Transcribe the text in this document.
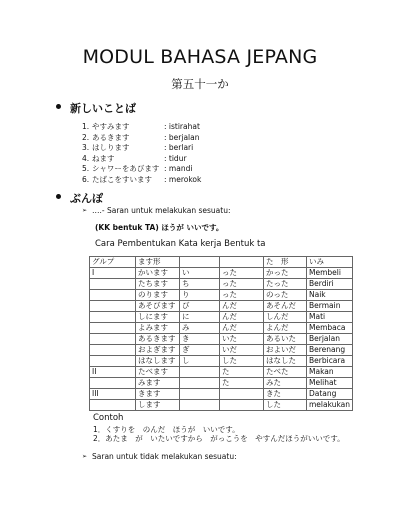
MODUL BAHASA JEPANG
第五十一か
新しいことば
1. やすみます	: istirahat
2. あるきます	: berjalan
3. はしります	: berlari
4. ねます	: tidur
5. シャワーをあびます : mandi
6. たばこをすいます	: merokok
ぶんぽ
➢ ….- Saran untuk melakukan sesuatu:
(KK bentuk TA) ほうが いいです。
Cara Pembentukan Kata kerja Bentuk ta
グルプ	ます形			た　形	いみ
I	かいます	い	った	かった	Membeli
	たちます	ち	った	たった	Berdiri
	のります	り	った	のった	Naik
	あそびます	び	んだ	あそんだ	Bermain
	しにます	に	んだ	しんだ	Mati
	よみます	み	んだ	よんだ	Membaca
	あるきます	き	いた	あるいた	Berjalan
	およぎます	ぎ	いだ	およいだ	Berenang
	はなします	し	した	はなした	Berbicara
II	たべます		た	たべた	Makan
	みます		た	みた	Melihat
III	きます			きた	Datang
	します			した	melakukan
Contoh
1．くすりを　のんだ　ほうが　いいです。
2．あたま　が　いたいですから　がっこうを　やすんだほうがいいです。
➢ Saran untuk tidak melakukan sesuatu:
